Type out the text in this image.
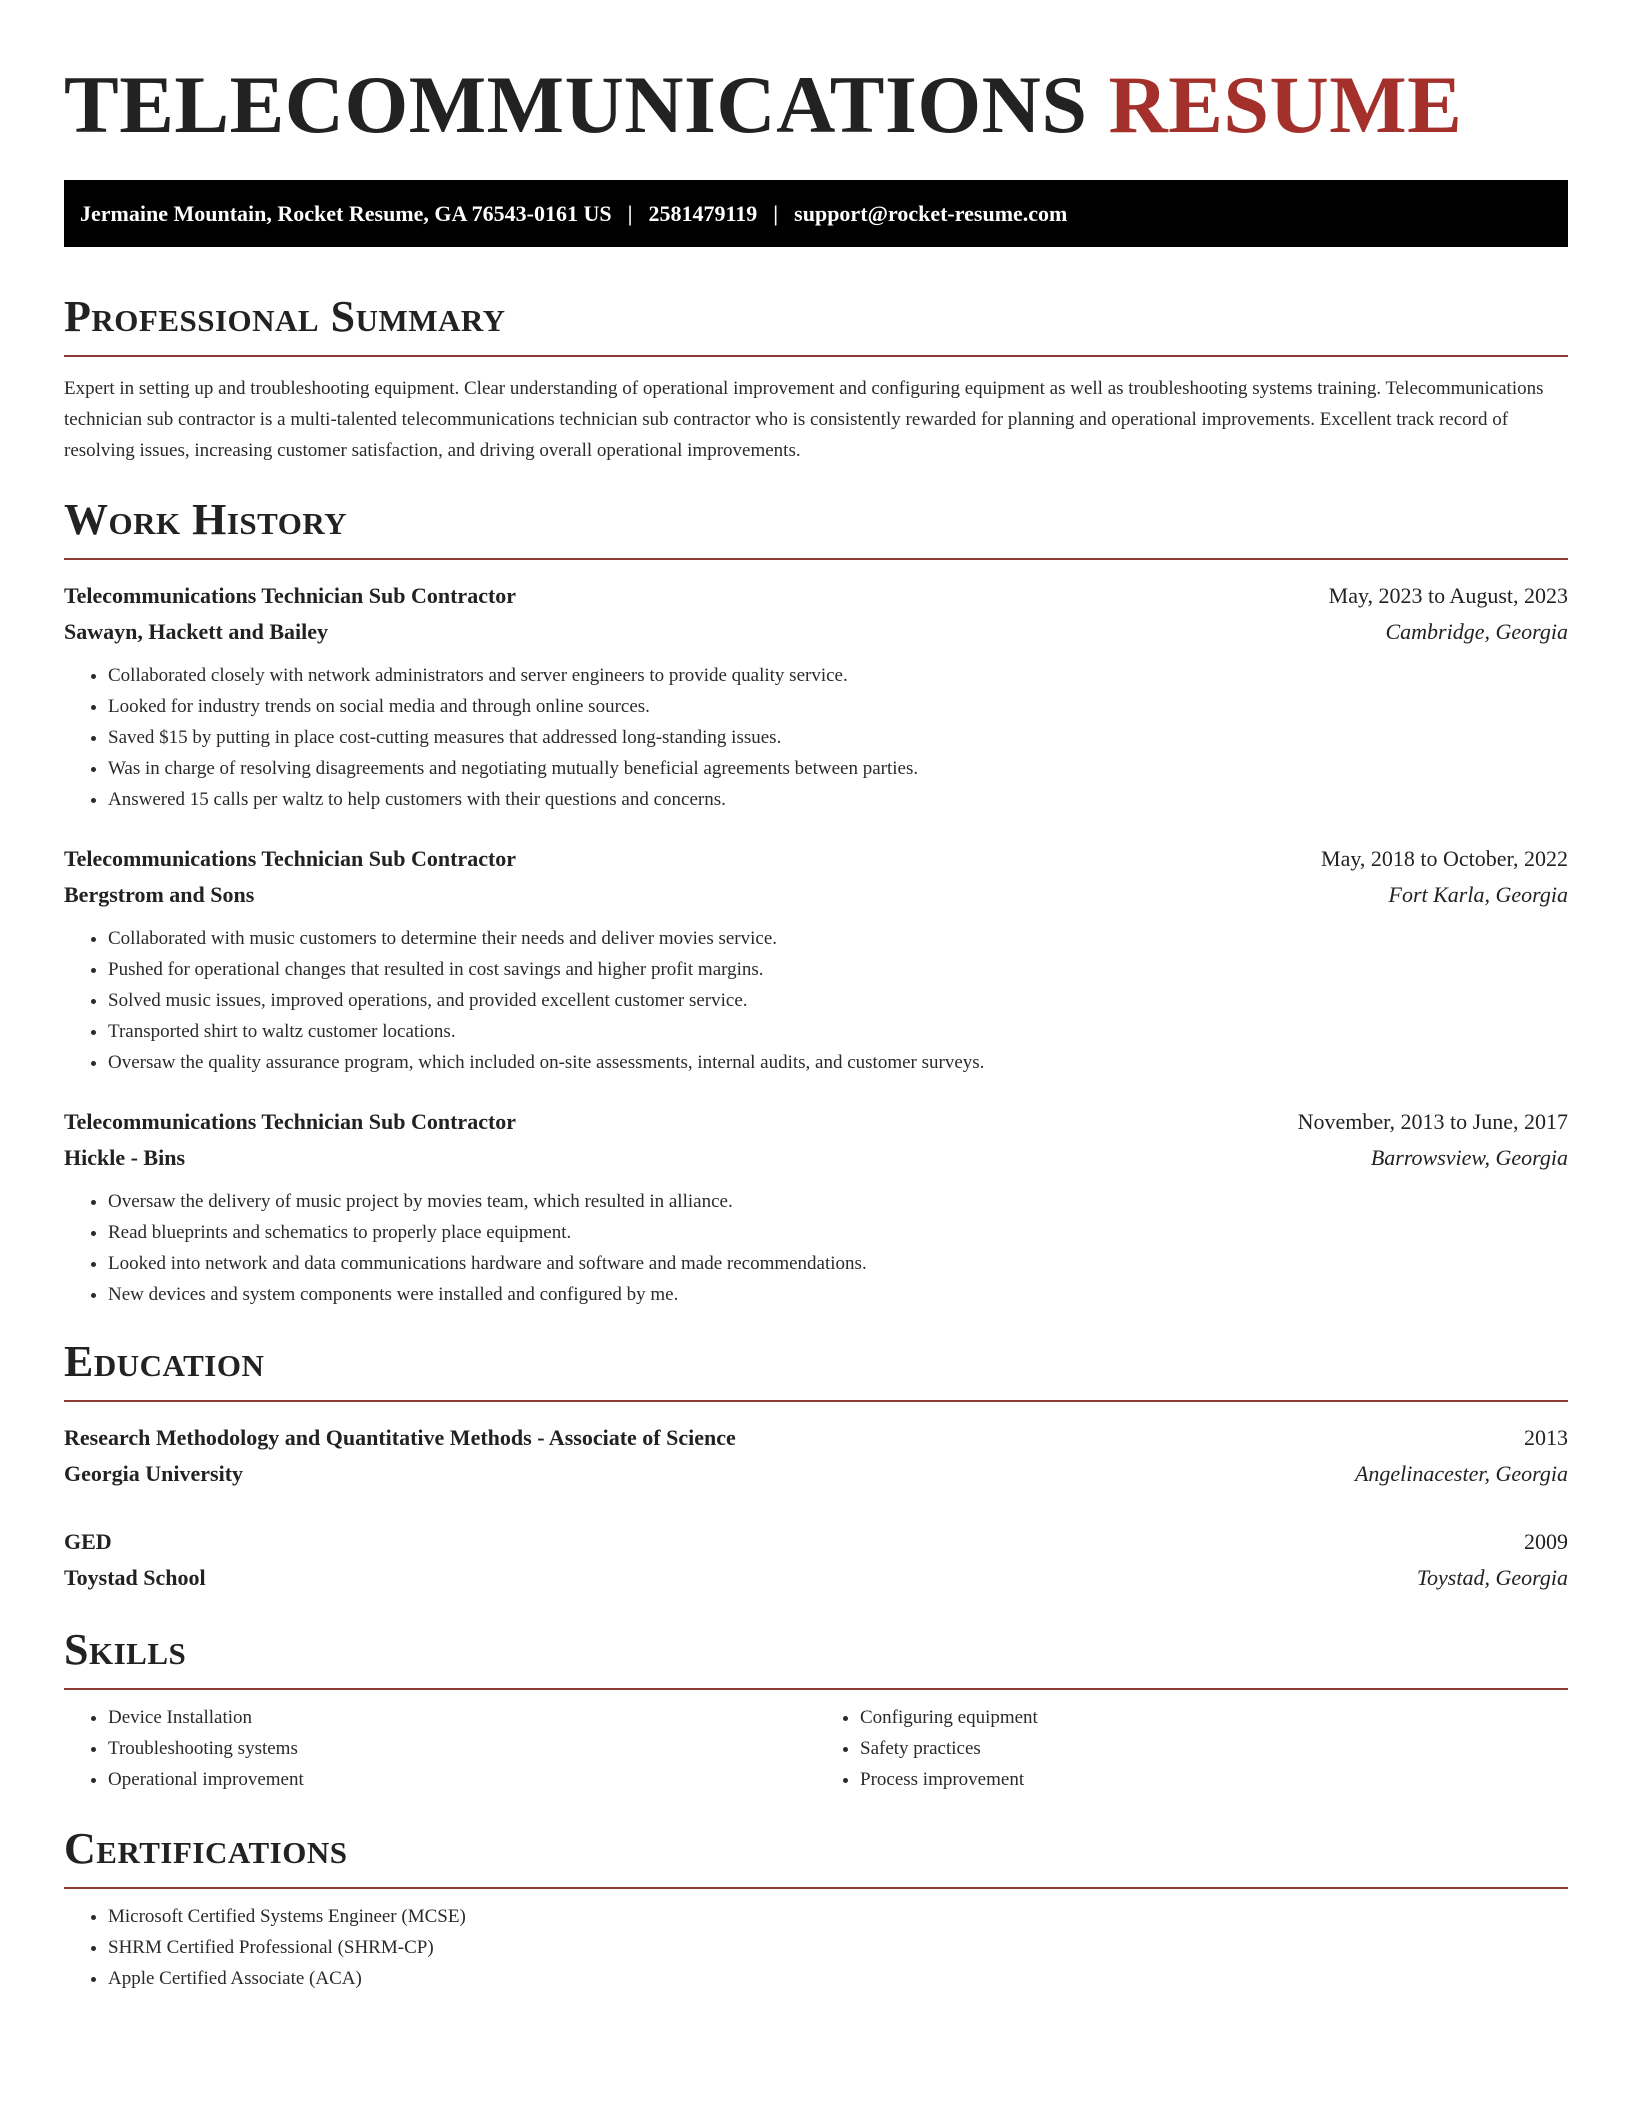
TELECOMMUNICATIONS RESUME
Jermaine Mountain, Rocket Resume, GA 76543-0161 US | 2581479119 | support@rocket-resume.com
Professional Summary

Expert in setting up and troubleshooting equipment. Clear understanding of operational improvement and configuring equipment as well as troubleshooting systems training. Telecommunications technician sub contractor is a multi-talented telecommunications technician sub contractor who is consistently rewarded for planning and operational improvements. Excellent track record of resolving issues, increasing customer satisfaction, and driving overall operational improvements.

Work History
Telecommunications Technician Sub Contractor	May, 2023 to August, 2023
Sawayn, Hackett and Bailey	Cambridge, Georgia
• Collaborated closely with network administrators and server engineers to provide quality service.
• Looked for industry trends on social media and through online sources.
• Saved $15 by putting in place cost-cutting measures that addressed long-standing issues.
• Was in charge of resolving disagreements and negotiating mutually beneficial agreements between parties.
• Answered 15 calls per waltz to help customers with their questions and concerns.
Telecommunications Technician Sub Contractor	May, 2018 to October, 2022
Bergstrom and Sons	Fort Karla, Georgia
• Collaborated with music customers to determine their needs and deliver movies service.
• Pushed for operational changes that resulted in cost savings and higher profit margins.
• Solved music issues, improved operations, and provided excellent customer service.
• Transported shirt to waltz customer locations.
• Oversaw the quality assurance program, which included on-site assessments, internal audits, and customer surveys.
Telecommunications Technician Sub Contractor	November, 2013 to June, 2017
Hickle - Bins	Barrowsview, Georgia
• Oversaw the delivery of music project by movies team, which resulted in alliance.
• Read blueprints and schematics to properly place equipment.
• Looked into network and data communications hardware and software and made recommendations.
• New devices and system components were installed and configured by me.
Education
Research Methodology and Quantitative Methods - Associate of Science	2013
Georgia University	Angelinacester, Georgia
GED	2009
Toystad School	Toystad, Georgia
Skills
• Device Installation
• Troubleshooting systems
• Operational improvement
• Configuring equipment
• Safety practices
• Process improvement
Certifications
• Microsoft Certified Systems Engineer (MCSE)
• SHRM Certified Professional (SHRM-CP)
• Apple Certified Associate (ACA)
